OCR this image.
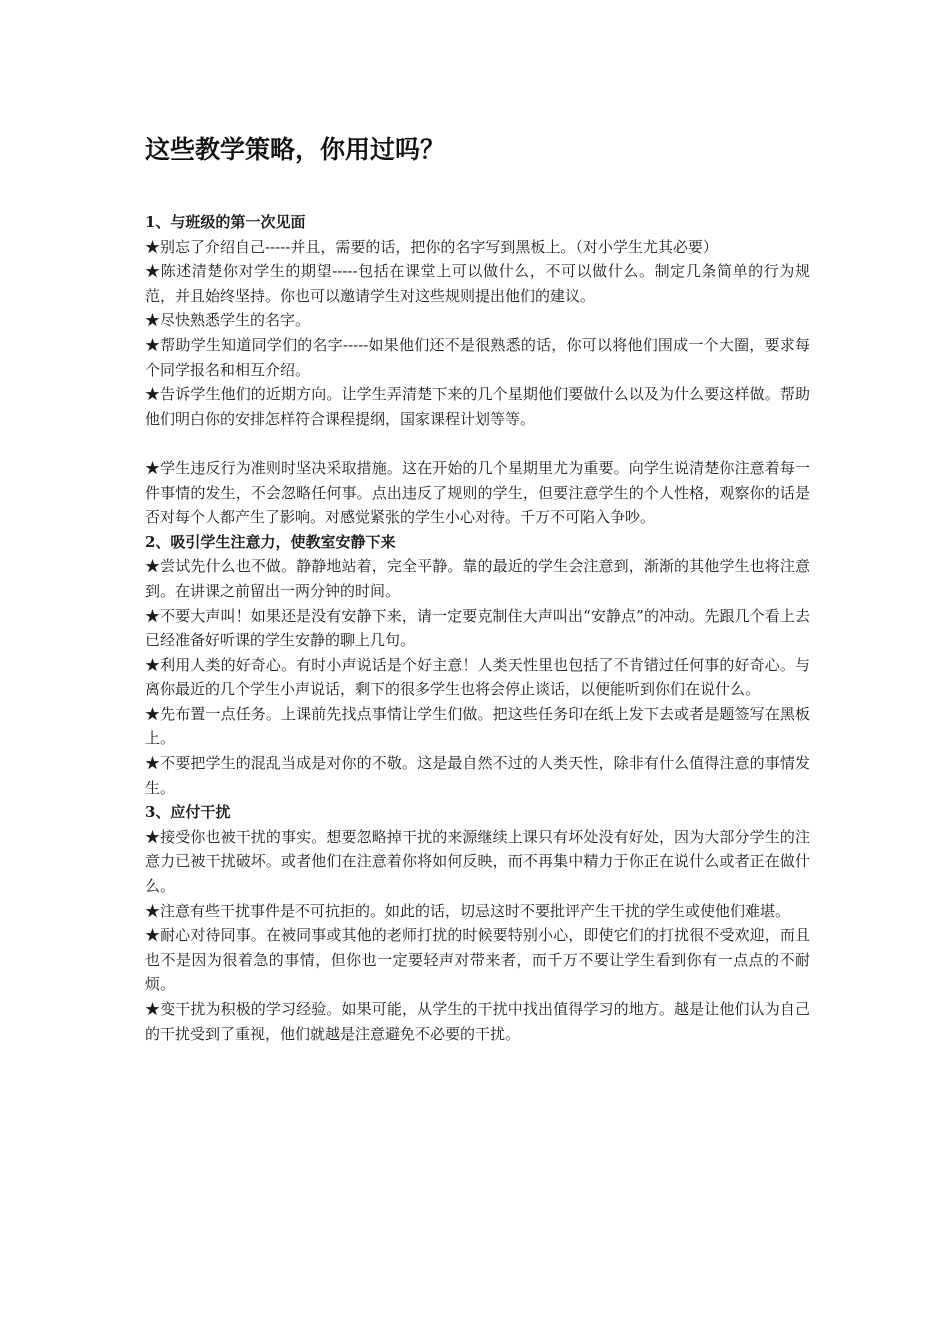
这些教学策略，你用过吗？

1、与班级的第一次见面

★别忘了介绍自己-----并且，需要的话，把你的名字写到黑板上。（对小学生尤其必要）

★陈述清楚你对学生的期望-----包括在课堂上可以做什么，不可以做什么。制定几条简单的行为规范，并且始终坚持。你也可以邀请学生对这些规则提出他们的建议。

★尽快熟悉学生的名字。

★帮助学生知道同学们的名字-----如果他们还不是很熟悉的话，你可以将他们围成一个大圈，要求每个同学报名和相互介绍。

★告诉学生他们的近期方向。让学生弄清楚下来的几个星期他们要做什么以及为什么要这样做。帮助他们明白你的安排怎样符合课程提纲，国家课程计划等等。

★学生违反行为准则时坚决采取措施。这在开始的几个星期里尤为重要。向学生说清楚你注意着每一件事情的发生，不会忽略任何事。点出违反了规则的学生，但要注意学生的个人性格，观察你的话是否对每个人都产生了影响。对感觉紧张的学生小心对待。千万不可陷入争吵。

2、吸引学生注意力，使教室安静下来

★尝试先什么也不做。静静地站着，完全平静。靠的最近的学生会注意到，渐渐的其他学生也将注意到。在讲课之前留出一两分钟的时间。

★不要大声叫！如果还是没有安静下来，请一定要克制住大声叫出“安静点”的冲动。先跟几个看上去已经准备好听课的学生安静的聊上几句。

★利用人类的好奇心。有时小声说话是个好主意！人类天性里也包括了不肯错过任何事的好奇心。与离你最近的几个学生小声说话，剩下的很多学生也将会停止谈话，以便能听到你们在说什么。

★先布置一点任务。上课前先找点事情让学生们做。把这些任务印在纸上发下去或者是题签写在黑板上。

★不要把学生的混乱当成是对你的不敬。这是最自然不过的人类天性，除非有什么值得注意的事情发生。

3、应付干扰

★接受你也被干扰的事实。想要忽略掉干扰的来源继续上课只有坏处没有好处，因为大部分学生的注意力已被干扰破坏。或者他们在注意着你将如何反映，而不再集中精力于你正在说什么或者正在做什么。

★注意有些干扰事件是不可抗拒的。如此的话，切忌这时不要批评产生干扰的学生或使他们难堪。

★耐心对待同事。在被同事或其他的老师打扰的时候要特别小心，即使它们的打扰很不受欢迎，而且也不是因为很着急的事情，但你也一定要轻声对带来者，而千万不要让学生看到你有一点点的不耐烦。

★变干扰为积极的学习经验。如果可能，从学生的干扰中找出值得学习的地方。越是让他们认为自己的干扰受到了重视，他们就越是注意避免不必要的干扰。
